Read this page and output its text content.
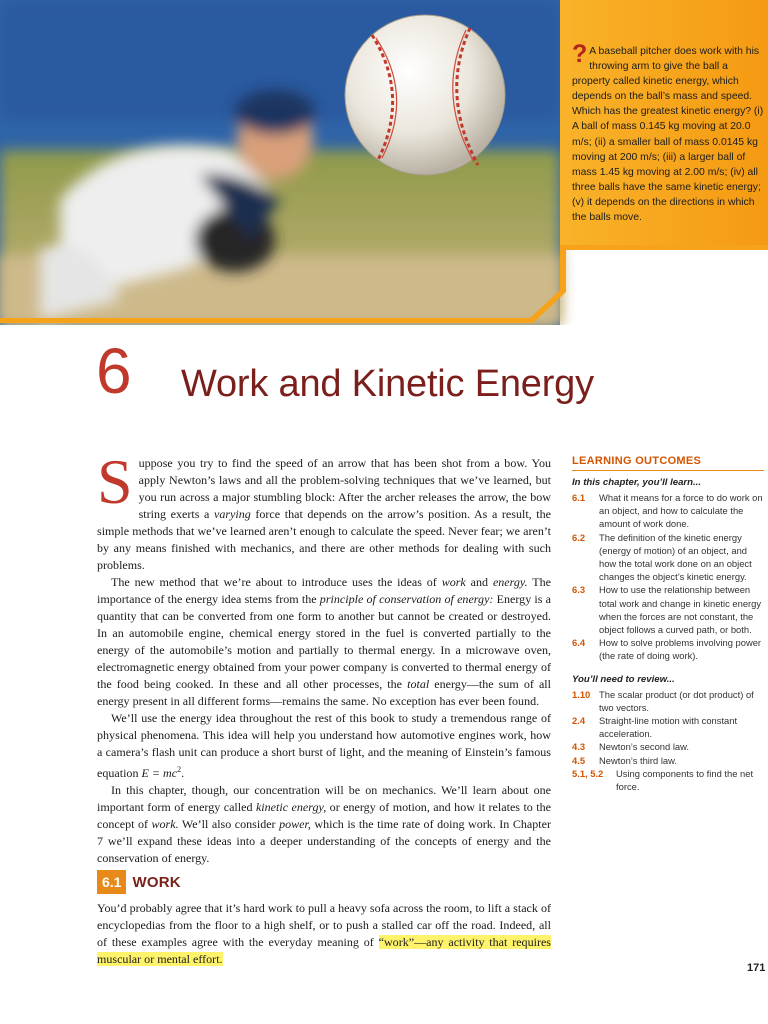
? A baseball pitcher does work with his throwing arm to give the ball a property called kinetic energy, which depends on the ball’s mass and speed. Which has the greatest kinetic energy? (i) A ball of mass 0.145 kg moving at 20.0 m/s; (ii) a smaller ball of mass 0.0145 kg moving at 200 m/s; (iii) a larger ball of mass 1.45 kg moving at 2.00 m/s; (iv) all three balls have the same kinetic energy; (v) it depends on the directions in which the balls move.
6 Work and Kinetic Energy

Suppose you try to find the speed of an arrow that has been shot from a bow. You apply Newton’s laws and all the problem-solving techniques that we’ve learned, but you run across a major stumbling block: After the archer releases the arrow, the bow string exerts a varying force that depends on the arrow’s position. As a result, the simple methods that we’ve learned aren’t enough to calculate the speed. Never fear; we aren’t by any means finished with mechanics, and there are other methods for dealing with such problems.

The new method that we’re about to introduce uses the ideas of work and energy. The importance of the energy idea stems from the principle of conservation of energy: Energy is a quantity that can be converted from one form to another but cannot be created or destroyed. In an automobile engine, chemical energy stored in the fuel is converted partially to the energy of the automobile’s motion and partially to thermal energy. In a microwave oven, electromagnetic energy obtained from your power company is converted to thermal energy of the food being cooked. In these and all other processes, the total energy—the sum of all energy present in all different forms—remains the same. No exception has ever been found.

We’ll use the energy idea throughout the rest of this book to study a tremendous range of physical phenomena. This idea will help you understand how automotive engines work, how a camera’s flash unit can produce a short burst of light, and the meaning of Einstein’s famous equation $E = mc^2$.

In this chapter, though, our concentration will be on mechanics. We’ll learn about one important form of energy called kinetic energy, or energy of motion, and how it relates to the concept of work. We’ll also consider power, which is the time rate of doing work. In Chapter 7 we’ll expand these ideas into a deeper understanding of the concepts of energy and the conservation of energy.

6.1 WORK

You’d probably agree that it’s hard work to pull a heavy sofa across the room, to lift a stack of encyclopedias from the floor to a high shelf, or to push a stalled car off the road. Indeed, all of these examples agree with the everyday meaning of “work”—any activity that requires muscular or mental effort.

LEARNING OUTCOMES
In this chapter, you’ll learn...
6.1	What it means for a force to do work on an object, and how to calculate the amount of work done.
6.2	The definition of the kinetic energy (energy of motion) of an object, and how the total work done on an object changes the object’s kinetic energy.
6.3	How to use the relationship between total work and change in kinetic energy when the forces are not constant, the object follows a curved path, or both.
6.4	How to solve problems involving power (the rate of doing work).
You’ll need to review...
1.10 The scalar product (or dot product) of two vectors.
2.4	Straight-line motion with constant acceleration.
4.3	Newton’s second law.
4.5	Newton’s third law.
5.1, 5.2	Using components to find the net force.
171
